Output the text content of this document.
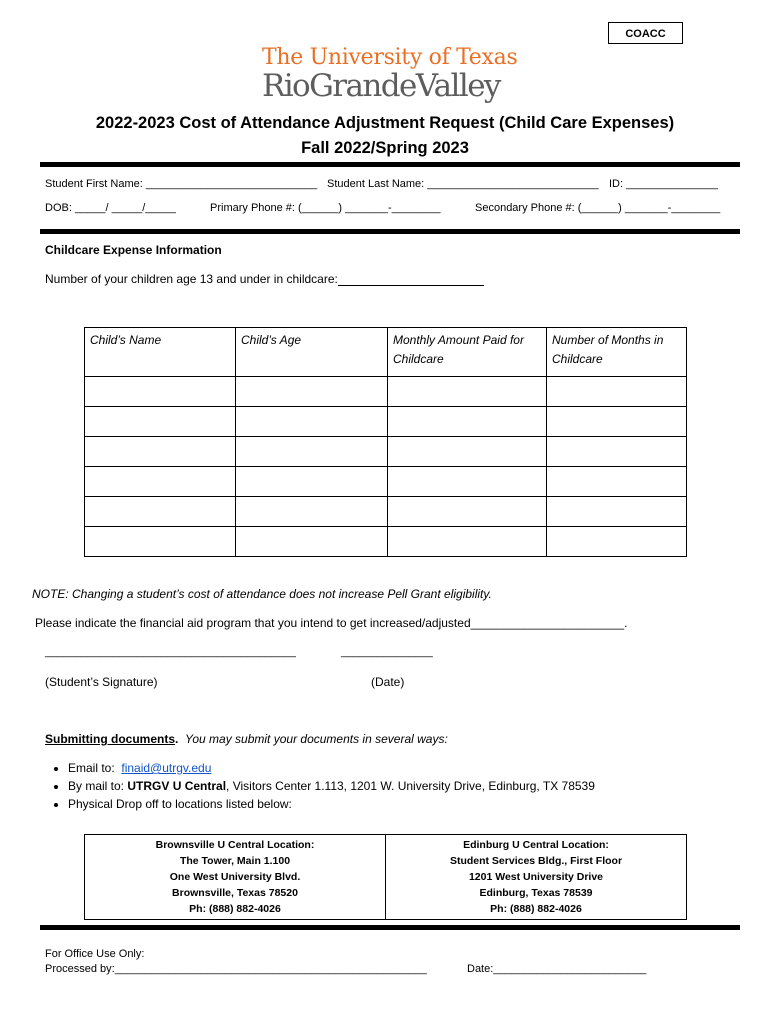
COACC
The University of Texas
RioGrandeValley
2022-2023 Cost of Attendance Adjustment Request (Child Care Expenses)
Fall 2022/Spring 2023
Student First Name: ____________________________ Student Last Name: ____________________________ ID: _______________
DOB: _____/ _____/_____	Primary Phone #: (______) _______-________	Secondary Phone #: (______) _______-________
Childcare Expense Information
Number of your children age 13 and under in childcare:
Child’s Name	Child’s Age	Monthly Amount Paid for Childcare	Number of Months in Childcare

NOTE: Changing a student’s cost of attendance does not increase Pell Grant eligibility.
Please indicate the financial aid program that you intend to get increased/adjusted_______________________.
_________________________________________	_______________
(Student’s Signature)	(Date)
Submitting documents. You may submit your documents in several ways:
• Email to: finaid@utrgv.edu
• By mail to: UTRGV U Central, Visitors Center 1.113, 1201 W. University Drive, Edinburg, TX 78539
• Physical Drop off to locations listed below:
Brownsville U Central Location:
The Tower, Main 1.100
One West University Blvd.
Brownsville, Texas 78520
Ph: (888) 882-4026

Edinburg U Central Location:
Student Services Bldg., First Floor
1201 West University Drive
Edinburg, Texas 78539
Ph: (888) 882-4026
For Office Use Only:
Processed by:___________________________________________________	Date:_________________________
